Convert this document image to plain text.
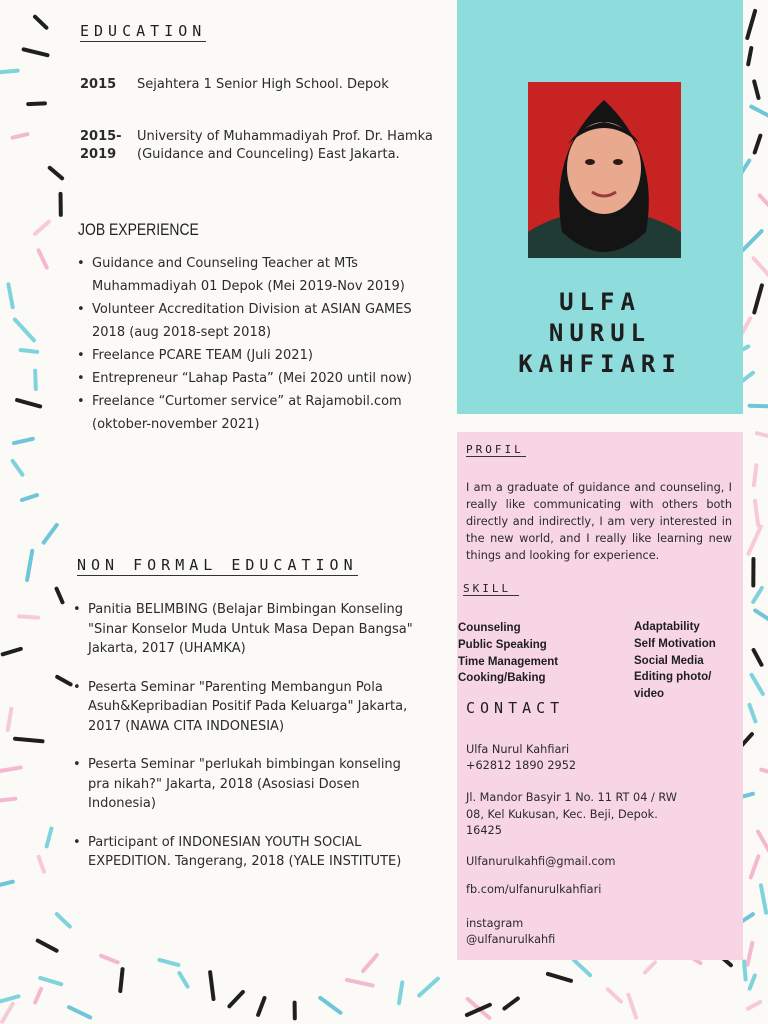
EDUCATION
2015	Sejahtera 1 Senior High School. Depok
2015-
2019
University of Muhammadiyah Prof. Dr. Hamka (Guidance and Counceling) East Jakarta.
JOB EXPERIENCE
• Guidance and Counseling Teacher at MTs Muhammadiyah 01 Depok (Mei 2019-Nov 2019)
• Volunteer Accreditation Division at ASIAN GAMES 2018 (aug 2018-sept 2018)
• Freelance PCARE TEAM (Juli 2021)
• Entrepreneur “Lahap Pasta” (Mei 2020 until now)
• Freelance “Curtomer service” at Rajamobil.com (oktober-november 2021)
NON FORMAL EDUCATION
• Panitia BELIMBING (Belajar Bimbingan Konseling "Sinar Konselor Muda Untuk Masa Depan Bangsa" Jakarta, 2017 (UHAMKA)
• Peserta Seminar "Parenting Membangun Pola Asuh&Kepribadian Positif Pada Keluarga" Jakarta, 2017 (NAWA CITA INDONESIA)
• Peserta Seminar "perlukah bimbingan konseling pra nikah?" Jakarta, 2018 (Asosiasi Dosen Indonesia)
• Participant of INDONESIAN YOUTH SOCIAL EXPEDITION. Tangerang, 2018 (YALE INSTITUTE)
ULFA
NURUL
KAHFIARI
PROFIL
I am a graduate of guidance and counseling, I really like communicating with others both directly and indirectly, I am very interested in the new world, and I really like learning new things and looking for experience.
SKILL
Counseling
Public Speaking
Time Management
Cooking/Baking
Adaptability
Self Motivation
Social Media
Editing photo/ video
CONTACT
Ulfa Nurul Kahfiari
+62812 1890 2952
Jl. Mandor Basyir 1 No. 11 RT 04 / RW 08, Kel Kukusan, Kec. Beji, Depok. 16425
Ulfanurulkahfi@gmail.com
fb.com/ulfanurulkahfiari
instagram
@ulfanurulkahfi
